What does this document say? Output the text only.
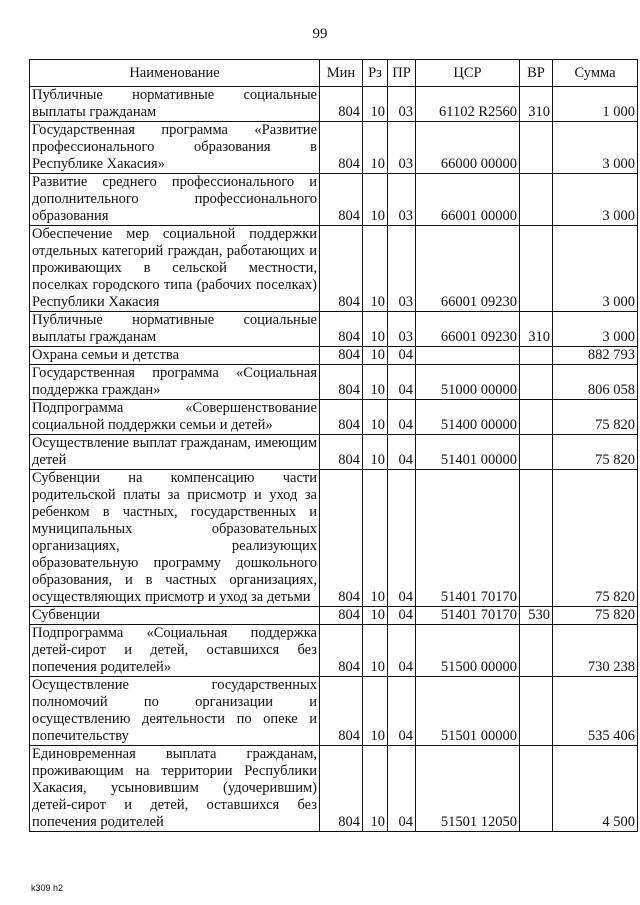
99
Наименование	Мин	Рз	ПР	ЦСР	ВР	Сумма
Публичные нормативные социальные выплаты гражданам	804	10	03	61102 R2560	310	1 000
Государственная программа «Развитие профессионального образования в Республике Хакасия»	804	10	03	66000 00000		3 000
Развитие среднего профессионального и дополнительного профессионального образования	804	10	03	66001 00000		3 000
Обеспечение мер социальной поддержки отдельных категорий граждан, работающих и проживающих в сельской местности, поселках городского типа (рабочих поселках) Республики Хакасия	804	10	03	66001 09230		3 000
Публичные нормативные социальные выплаты гражданам	804	10	03	66001 09230	310	3 000
Охрана семьи и детства	804	10	04			882 793
Государственная программа «Социальная поддержка граждан»	804	10	04	51000 00000		806 058
Подпрограмма «Совершенствование социальной поддержки семьи и детей»	804	10	04	51400 00000		75 820
Осуществление выплат гражданам, имеющим детей	804	10	04	51401 00000		75 820
Субвенции на компенсацию части родительской платы за присмотр и уход за ребенком в частных, государственных и муниципальных образовательных организациях, реализующих образовательную программу дошкольного образования, и в частных организациях, осуществляющих присмотр и уход за детьми	804	10	04	51401 70170		75 820
Субвенции	804	10	04	51401 70170	530	75 820
Подпрограмма «Социальная поддержка детей-сирот и детей, оставшихся без попечения родителей»	804	10	04	51500 00000		730 238
Осуществление государственных полномочий по организации и осуществлению деятельности по опеке и попечительству	804	10	04	51501 00000		535 406
Единовременная выплата гражданам, проживающим на территории Республики Хакасия, усыновившим (удочерившим) детей-сирот и детей, оставшихся без попечения родителей	804	10	04	51501 12050		4 500
k309 h2
